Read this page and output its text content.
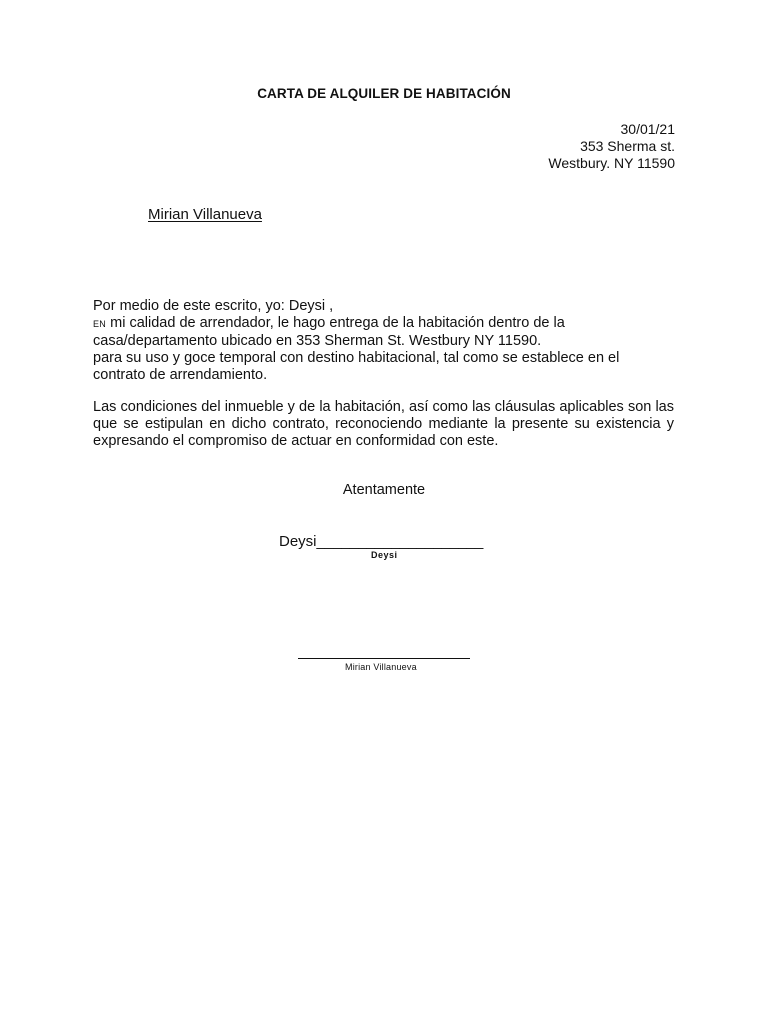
CARTA DE ALQUILER DE HABITACIÓN
30/01/21
353 Sherma st.
Westbury. NY 11590
Mirian Villanueva
Por medio de este escrito, yo: Deysi ,
EN mi calidad de arrendador, le hago entrega de la habitación dentro de la
casa/departamento ubicado en 353 Sherman St. Westbury NY 11590.
para su uso y goce temporal con destino habitacional, tal como se establece en el
contrato de arrendamiento.
Las condiciones del inmueble y de la habitación, así como las cláusulas aplicables son las que se estipulan en dicho contrato, reconociendo mediante la presente su existencia y expresando el compromiso de actuar en conformidad con este.
Atentamente
Deysi____________________
Deysi
Mirian Villanueva
